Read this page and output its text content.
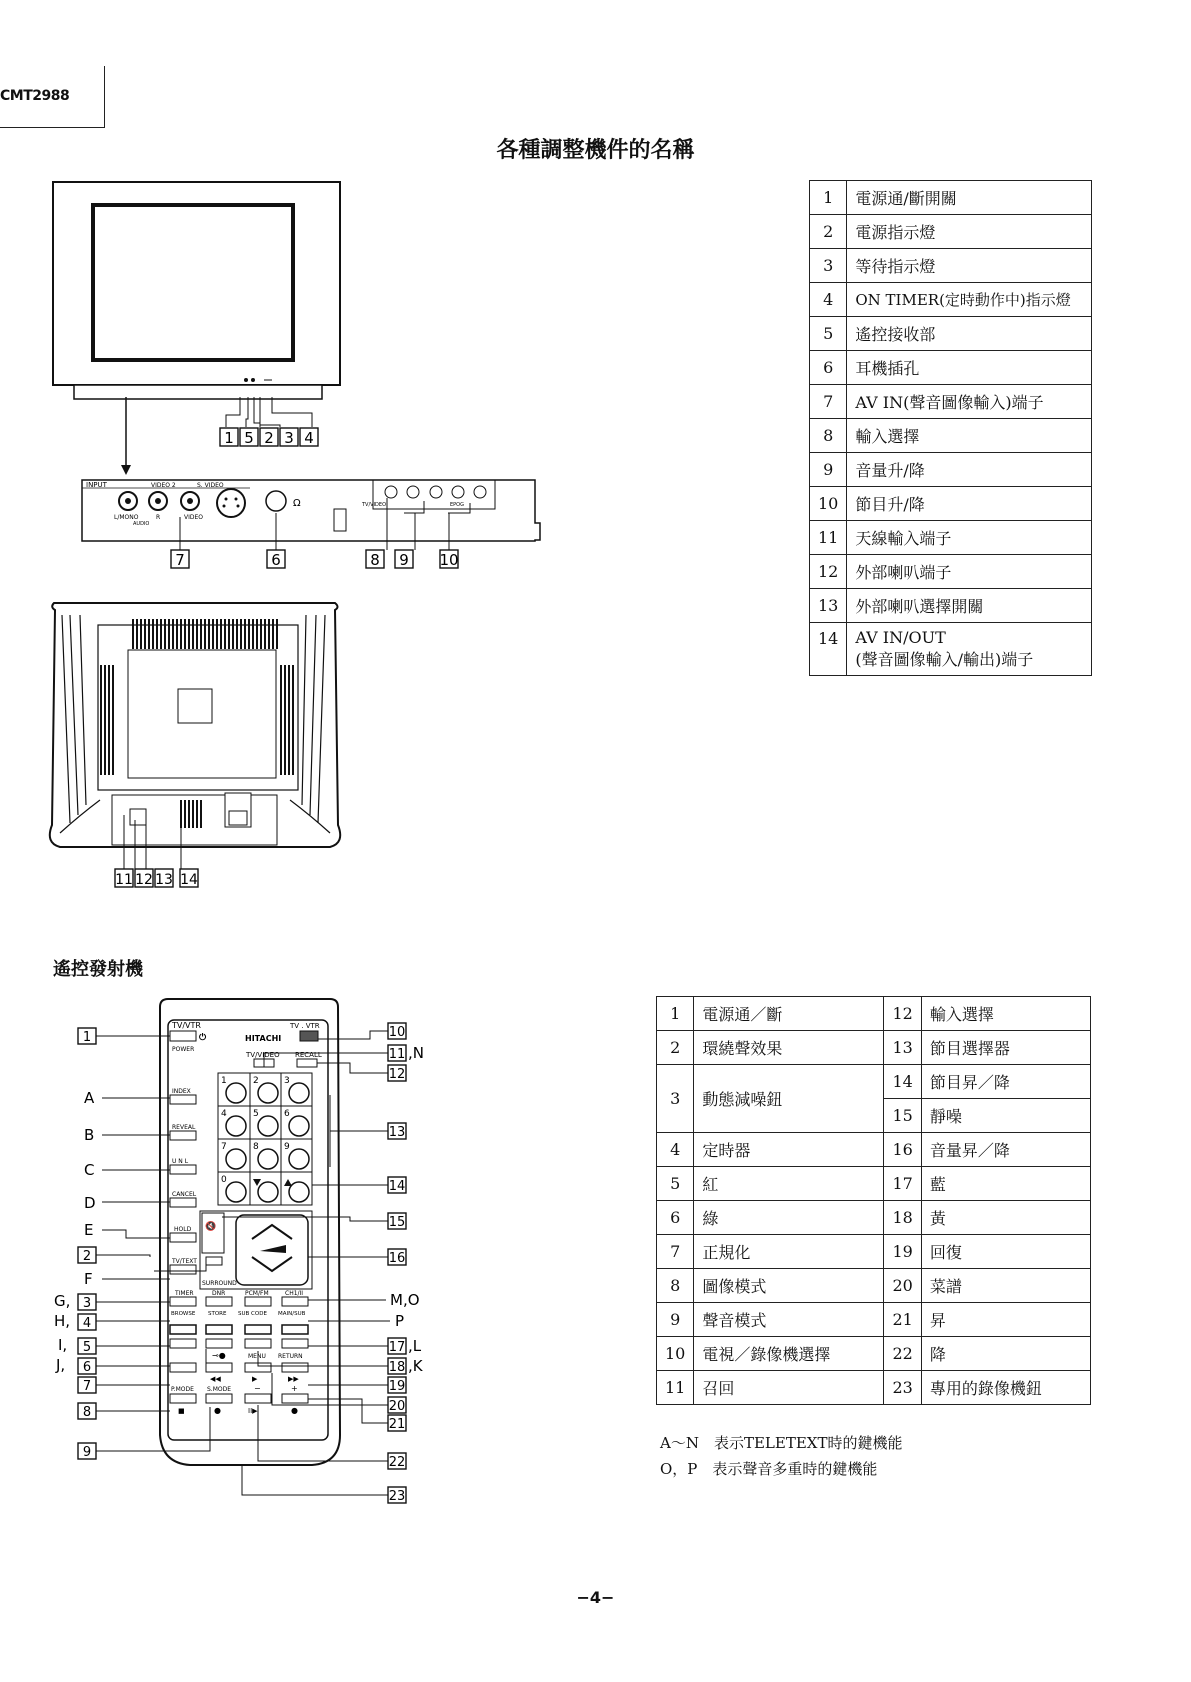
CMT2988
各種調整機件的名稱
1 5 2 3 4
INPUT	VIDEO 2	S. VIDEO
L/MONO	R
AUDIO
VIDEO
Ω	TV/VIDEO	EPOG
7	6	8 9 10
11 12 13 14
1	電源通/斷開關
2	電源指示燈
3	等待指示燈
4	ON TIMER(定時動作中)指示燈
5	遙控接收部
6	耳機插孔
7	AV IN(聲音圖像輸入)端子
8	輸入選擇
9	音量升/降
10	節目升/降
11	天線輸入端子
12	外部喇叭端子
13	外部喇叭選擇開關
14	AV IN/OUT
(聲音圖像輸入/輸出)端子
遙控發射機
TV/VTR
⏻
POWER
HITACHI
TV . VTR
TV/VIDEO RECALL
1	2	3
4	5	6
7	8	9
0
INDEX
REVEAL
U N L
CANCEL
HOLD
TV/TEXT
🔇
SURROUND
TIMER	DNR	PCM/FM	CH1/II
BROWSE STORE SUB CODE MAIN/SUB
⊸●	MENU RETURN
◀◀	▶	▶▶
−	+
P.MODE S.MODE
■	●	II▶	●
1
A
B
C
D
E
2
F
G, 3
H, 4
I, 5
J, 6
7
8
9
10
11 ,N
12
13
14
15
16
M,O
P
17 ,L
18 ,K
19
20
21
22
23
1	電源通／斷	12	輸入選擇
2	環繞聲效果	13	節目選擇器
3	動態減噪鈕	14	節目昇／降
		15	靜噪
4	定時器	16	音量昇／降
5	紅	17	藍
6	綠	18	黃
7	正規化	19	回復
8	圖像模式	20	菜譜
9	聲音模式	21	昇
10	電視／錄像機選擇	22	降
11	召回	23	專用的錄像機鈕
A～N　表示TELETEXT時的鍵機能
O，P　表示聲音多重時的鍵機能
−4−
